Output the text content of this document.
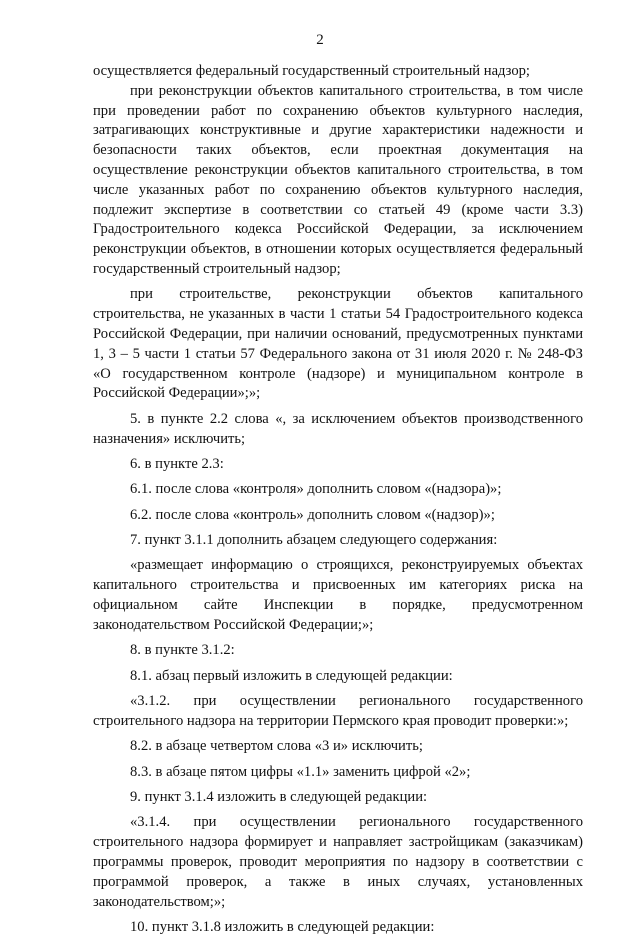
2

осуществляется федеральный государственный строительный надзор;

при реконструкции объектов капитального строительства, в том числе при проведении работ по сохранению объектов культурного наследия, затрагивающих конструктивные и другие характеристики надежности и безопасности таких объектов, если проектная документация на осуществление реконструкции объектов капитального строительства, в том числе указанных работ по сохранению объектов культурного наследия, подлежит экспертизе в соответствии со статьей 49 (кроме части 3.3) Градостроительного кодекса Российской Федерации, за исключением реконструкции объектов, в отношении которых осуществляется федеральный государственный строительный надзор;

при строительстве, реконструкции объектов капитального строительства, не указанных в части 1 статьи 54 Градостроительного кодекса Российской Федерации, при наличии оснований, предусмотренных пунктами 1, 3 – 5 части 1 статьи 57 Федерального закона от 31 июля 2020 г. № 248-ФЗ «О государственном контроле (надзоре) и муниципальном контроле в Российской Федерации»;»;

5. в пункте 2.2 слова «, за исключением объектов производственного назначения» исключить;

6. в пункте 2.3:

6.1. после слова «контроля» дополнить словом «(надзора)»;

6.2. после слова «контроль» дополнить словом «(надзор)»;

7. пункт 3.1.1 дополнить абзацем следующего содержания:

«размещает информацию о строящихся, реконструируемых объектах капитального строительства и присвоенных им категориях риска на официальном сайте Инспекции в порядке, предусмотренном законодательством Российской Федерации;»;

8. в пункте 3.1.2:

8.1. абзац первый изложить в следующей редакции:

«3.1.2. при осуществлении регионального государственного строительного надзора на территории Пермского края проводит проверки:»;

8.2. в абзаце четвертом слова «3 и» исключить;

8.3. в абзаце пятом цифры «1.1» заменить цифрой «2»;

9. пункт 3.1.4 изложить в следующей редакции:

«3.1.4. при осуществлении регионального государственного строительного надзора формирует и направляет застройщикам (заказчикам) программы проверок, проводит мероприятия по надзору в соответствии с программой проверок, а также в иных случаях, установленных законодательством;»;

10. пункт 3.1.8 изложить в следующей редакции:
